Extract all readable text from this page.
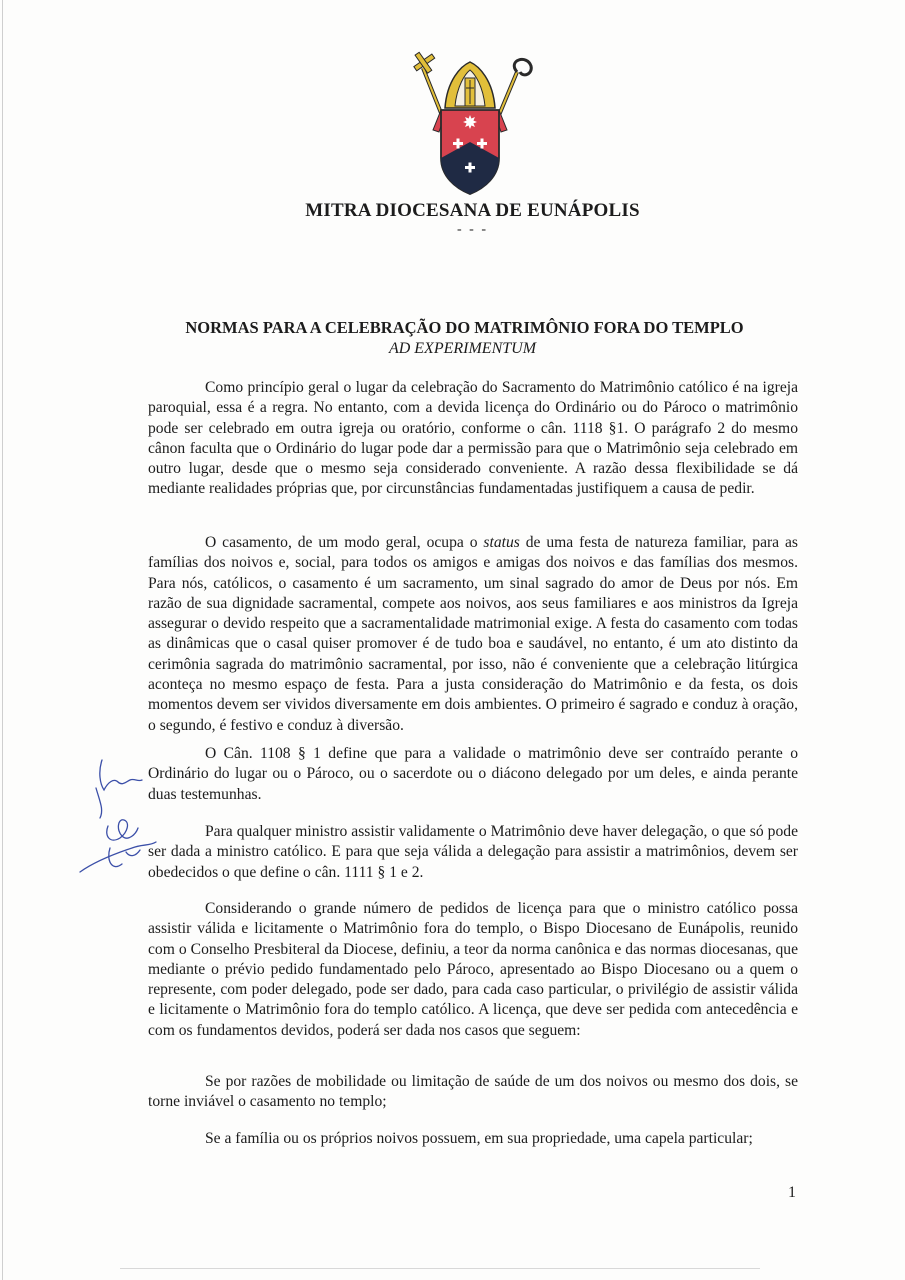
MITRA DIOCESANA DE EUNÁPOLIS
- - -
NORMAS PARA A CELEBRAÇÃO DO MATRIMÔNIO FORA DO TEMPLO
AD EXPERIMENTUM

Como princípio geral o lugar da celebração do Sacramento do Matrimônio católico é na igreja paroquial, essa é a regra. No entanto, com a devida licença do Ordinário ou do Pároco o matrimônio pode ser celebrado em outra igreja ou oratório, conforme o cân. 1118 §1. O parágrafo 2 do mesmo cânon faculta que o Ordinário do lugar pode dar a permissão para que o Matrimônio seja celebrado em outro lugar, desde que o mesmo seja considerado conveniente. A razão dessa flexibilidade se dá mediante realidades próprias que, por circunstâncias fundamentadas justifiquem a causa de pedir.

O casamento, de um modo geral, ocupa o status de uma festa de natureza familiar, para as famílias dos noivos e, social, para todos os amigos e amigas dos noivos e das famílias dos mesmos. Para nós, católicos, o casamento é um sacramento, um sinal sagrado do amor de Deus por nós. Em razão de sua dignidade sacramental, compete aos noivos, aos seus familiares e aos ministros da Igreja assegurar o devido respeito que a sacramentalidade matrimonial exige. A festa do casamento com todas as dinâmicas que o casal quiser promover é de tudo boa e saudável, no entanto, é um ato distinto da cerimônia sagrada do matrimônio sacramental, por isso, não é conveniente que a celebração litúrgica aconteça no mesmo espaço de festa. Para a justa consideração do Matrimônio e da festa, os dois momentos devem ser vividos diversamente em dois ambientes. O primeiro é sagrado e conduz à oração, o segundo, é festivo e conduz à diversão.

O Cân. 1108 § 1 define que para a validade o matrimônio deve ser contraído perante o Ordinário do lugar ou o Pároco, ou o sacerdote ou o diácono delegado por um deles, e ainda perante duas testemunhas.

Para qualquer ministro assistir validamente o Matrimônio deve haver delegação, o que só pode ser dada a ministro católico. E para que seja válida a delegação para assistir a matrimônios, devem ser obedecidos o que define o cân. 1111 § 1 e 2.

Considerando o grande número de pedidos de licença para que o ministro católico possa assistir válida e licitamente o Matrimônio fora do templo, o Bispo Diocesano de Eunápolis, reunido com o Conselho Presbiteral da Diocese, definiu, a teor da norma canônica e das normas diocesanas, que mediante o prévio pedido fundamentado pelo Pároco, apresentado ao Bispo Diocesano ou a quem o represente, com poder delegado, pode ser dado, para cada caso particular, o privilégio de assistir válida e licitamente o Matrimônio fora do templo católico. A licença, que deve ser pedida com antecedência e com os fundamentos devidos, poderá ser dada nos casos que seguem:

Se por razões de mobilidade ou limitação de saúde de um dos noivos ou mesmo dos dois, se torne inviável o casamento no templo;

Se a família ou os próprios noivos possuem, em sua propriedade, uma capela particular;

1
